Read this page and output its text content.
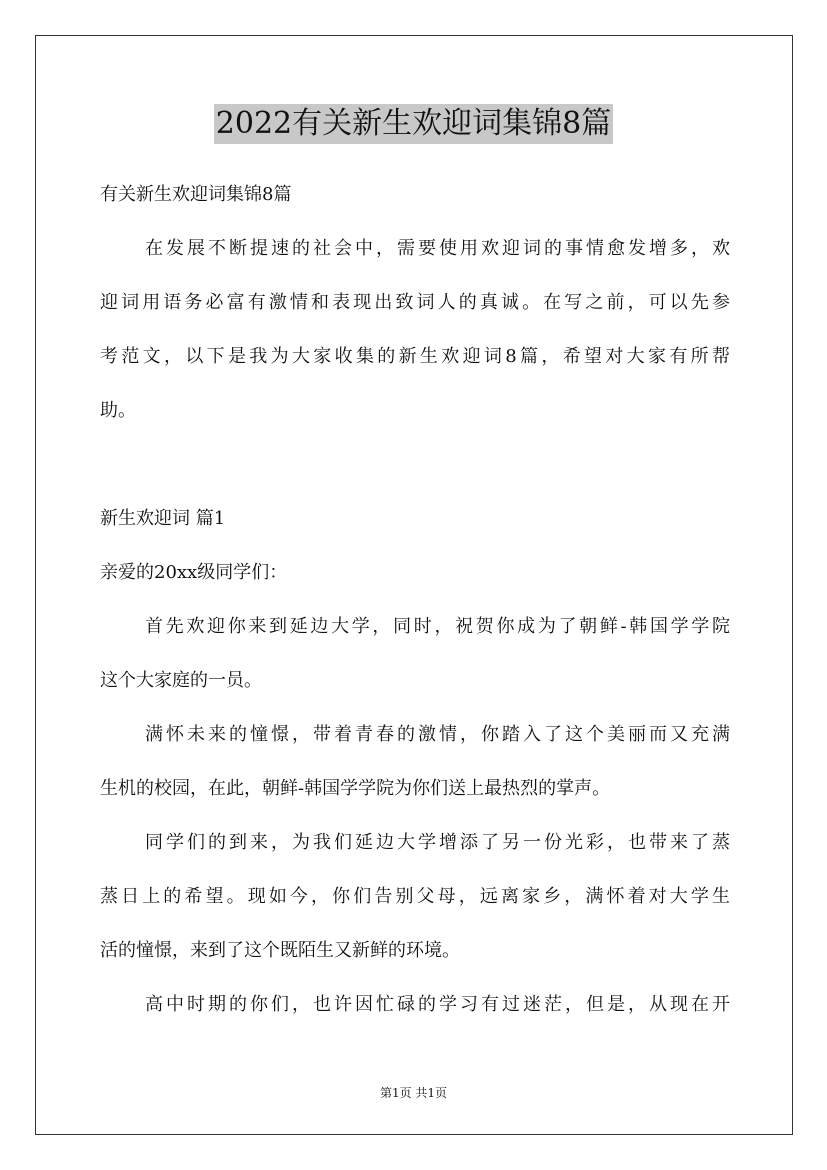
2022有关新生欢迎词集锦8篇
有关新生欢迎词集锦8篇
在发展不断提速的社会中，需要使用欢迎词的事情愈发增多，欢
迎词用语务必富有激情和表现出致词人的真诚。在写之前，可以先参
考范文，以下是我为大家收集的新生欢迎词8篇，希望对大家有所帮
助。
新生欢迎词 篇1
亲爱的20xx级同学们：
首先欢迎你来到延边大学，同时，祝贺你成为了朝鲜-韩国学学院
这个大家庭的一员。
满怀未来的憧憬，带着青春的激情，你踏入了这个美丽而又充满
生机的校园，在此，朝鲜-韩国学学院为你们送上最热烈的掌声。
同学们的到来，为我们延边大学增添了另一份光彩，也带来了蒸
蒸日上的希望。现如今，你们告别父母，远离家乡，满怀着对大学生
活的憧憬，来到了这个既陌生又新鲜的环境。
高中时期的你们，也许因忙碌的学习有过迷茫，但是，从现在开
第1页 共1页
